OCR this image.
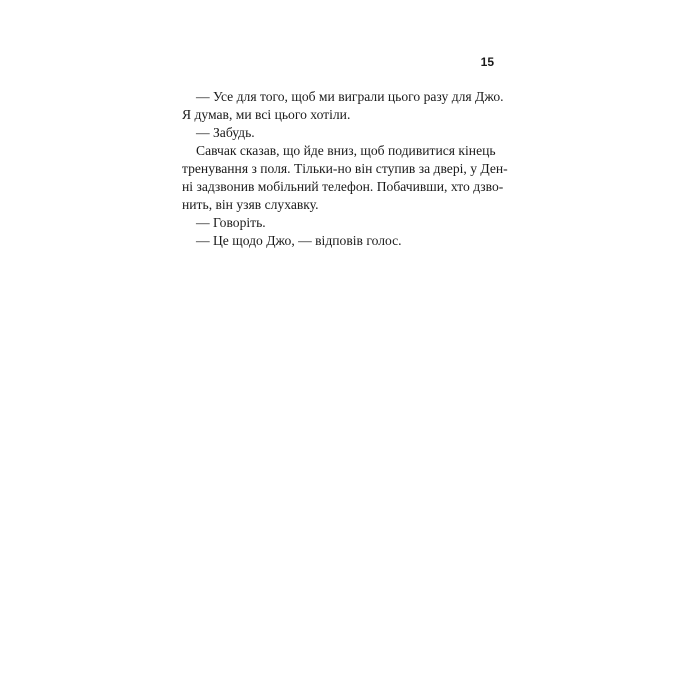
15
— Усе для того, щоб ми виграли цього разу для Джо.
Я думав, ми всі цього хотіли.
— Забудь.
Савчак сказав, що йде вниз, щоб подивитися кінець
тренування з поля. Тільки-но він ступив за двері, у Ден-
ні задзвонив мобільний телефон. Побачивши, хто дзво-
нить, він узяв слухавку.
— Говоріть.
— Це щодо Джо, — відповів голос.
